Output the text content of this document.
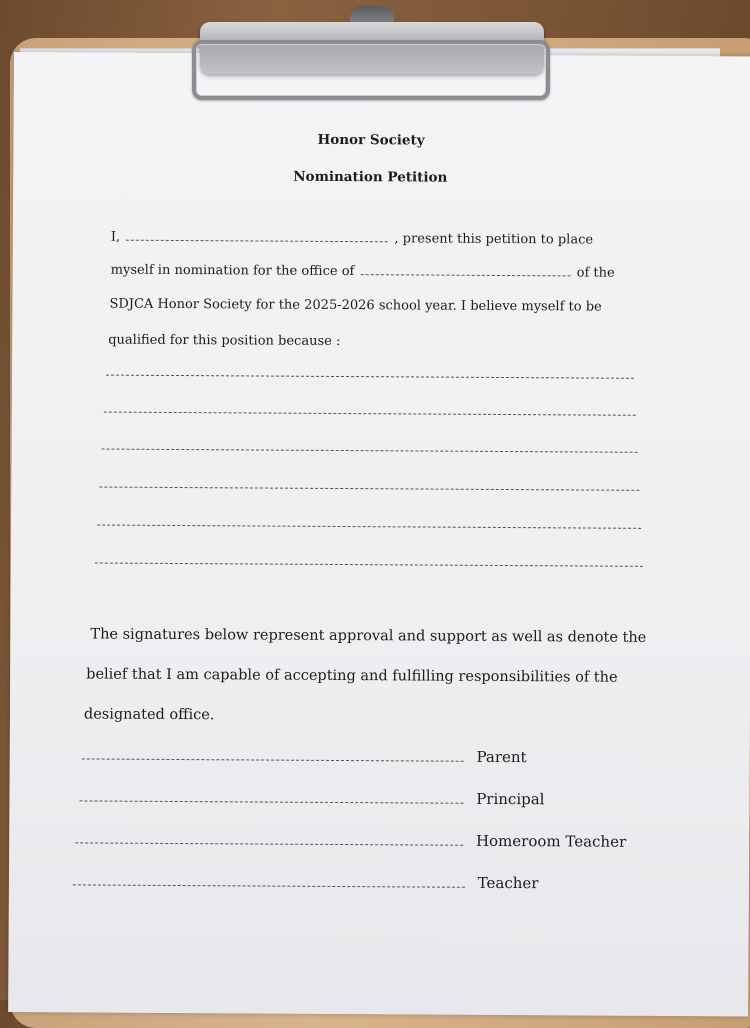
Honor Society
Nomination Petition
I,	, present this petition to place
myself in nomination for the office of	of the
SDJCA Honor Society for the 2025-2026 school year. I believe myself to be
qualified for this position because :
The signatures below represent approval and support as well as denote the
belief that I am capable of accepting and fulfilling responsibilities of the
designated office.
Parent
Principal
Homeroom Teacher
Teacher
